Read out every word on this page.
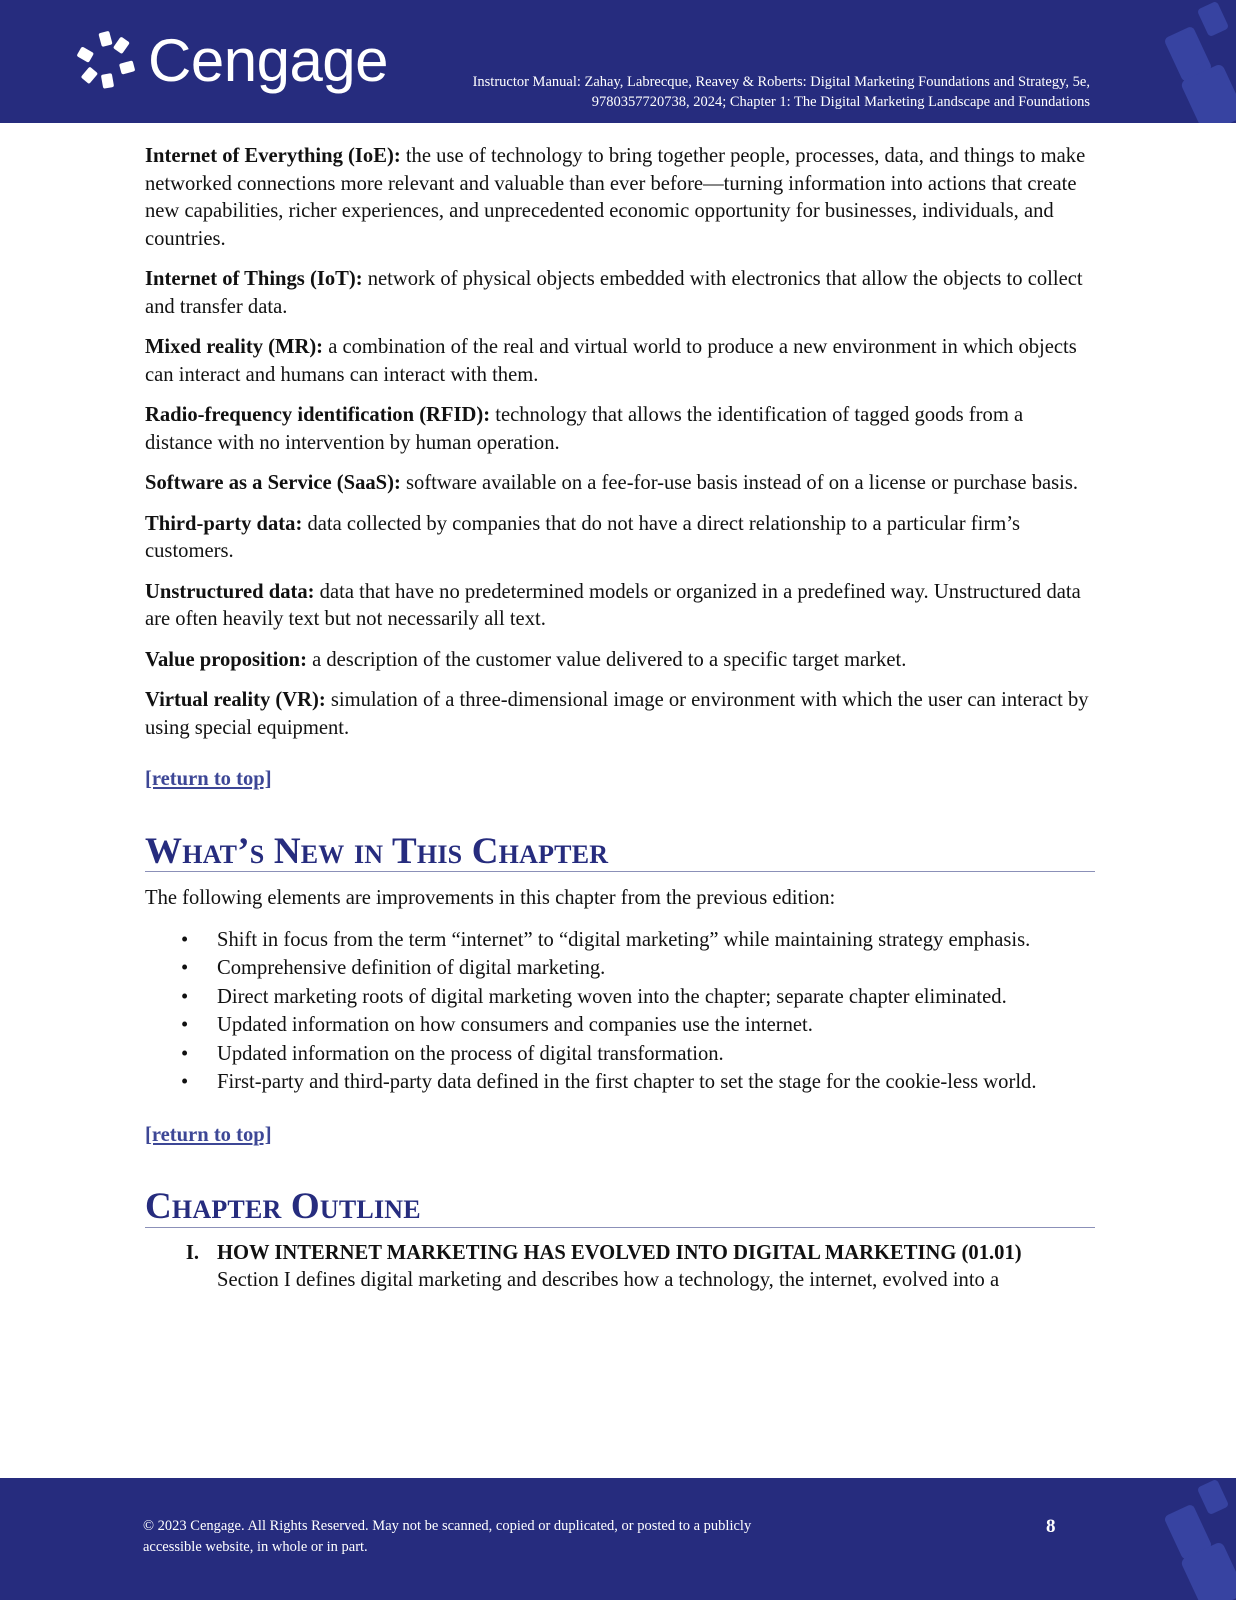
Cengage	Instructor Manual: Zahay, Labrecque, Reavey & Roberts: Digital Marketing Foundations and Strategy, 5e,
9780357720738, 2024; Chapter 1: The Digital Marketing Landscape and Foundations

Internet of Everything (IoE): the use of technology to bring together people, processes, data, and things to make networked connections more relevant and valuable than ever before—turning information into actions that create new capabilities, richer experiences, and unprecedented economic opportunity for businesses, individuals, and countries.

Internet of Things (IoT): network of physical objects embedded with electronics that allow the objects to collect and transfer data.

Mixed reality (MR): a combination of the real and virtual world to produce a new environment in which objects can interact and humans can interact with them.

Radio-frequency identification (RFID): technology that allows the identification of tagged goods from a distance with no intervention by human operation.

Software as a Service (SaaS): software available on a fee-for-use basis instead of on a license or purchase basis.

Third-party data: data collected by companies that do not have a direct relationship to a particular firm’s customers.

Unstructured data: data that have no predetermined models or organized in a predefined way. Unstructured data are often heavily text but not necessarily all text.

Value proposition: a description of the customer value delivered to a specific target market.

Virtual reality (VR): simulation of a three-dimensional image or environment with which the user can interact by using special equipment.

[return to top]
What’s New in This Chapter

The following elements are improvements in this chapter from the previous edition:

• Shift in focus from the term “internet” to “digital marketing” while maintaining strategy emphasis.
• Comprehensive definition of digital marketing.
• Direct marketing roots of digital marketing woven into the chapter; separate chapter eliminated.
• Updated information on how consumers and companies use the internet.
• Updated information on the process of digital transformation.
• First-party and third-party data defined in the first chapter to set the stage for the cookie-less world.
[return to top]
Chapter Outline
I. HOW INTERNET MARKETING HAS EVOLVED INTO DIGITAL MARKETING (01.01)
Section I defines digital marketing and describes how a technology, the internet, evolved into a
© 2023 Cengage. All Rights Reserved. May not be scanned, copied or duplicated, or posted to a publicly
accessible website, in whole or in part.
8
